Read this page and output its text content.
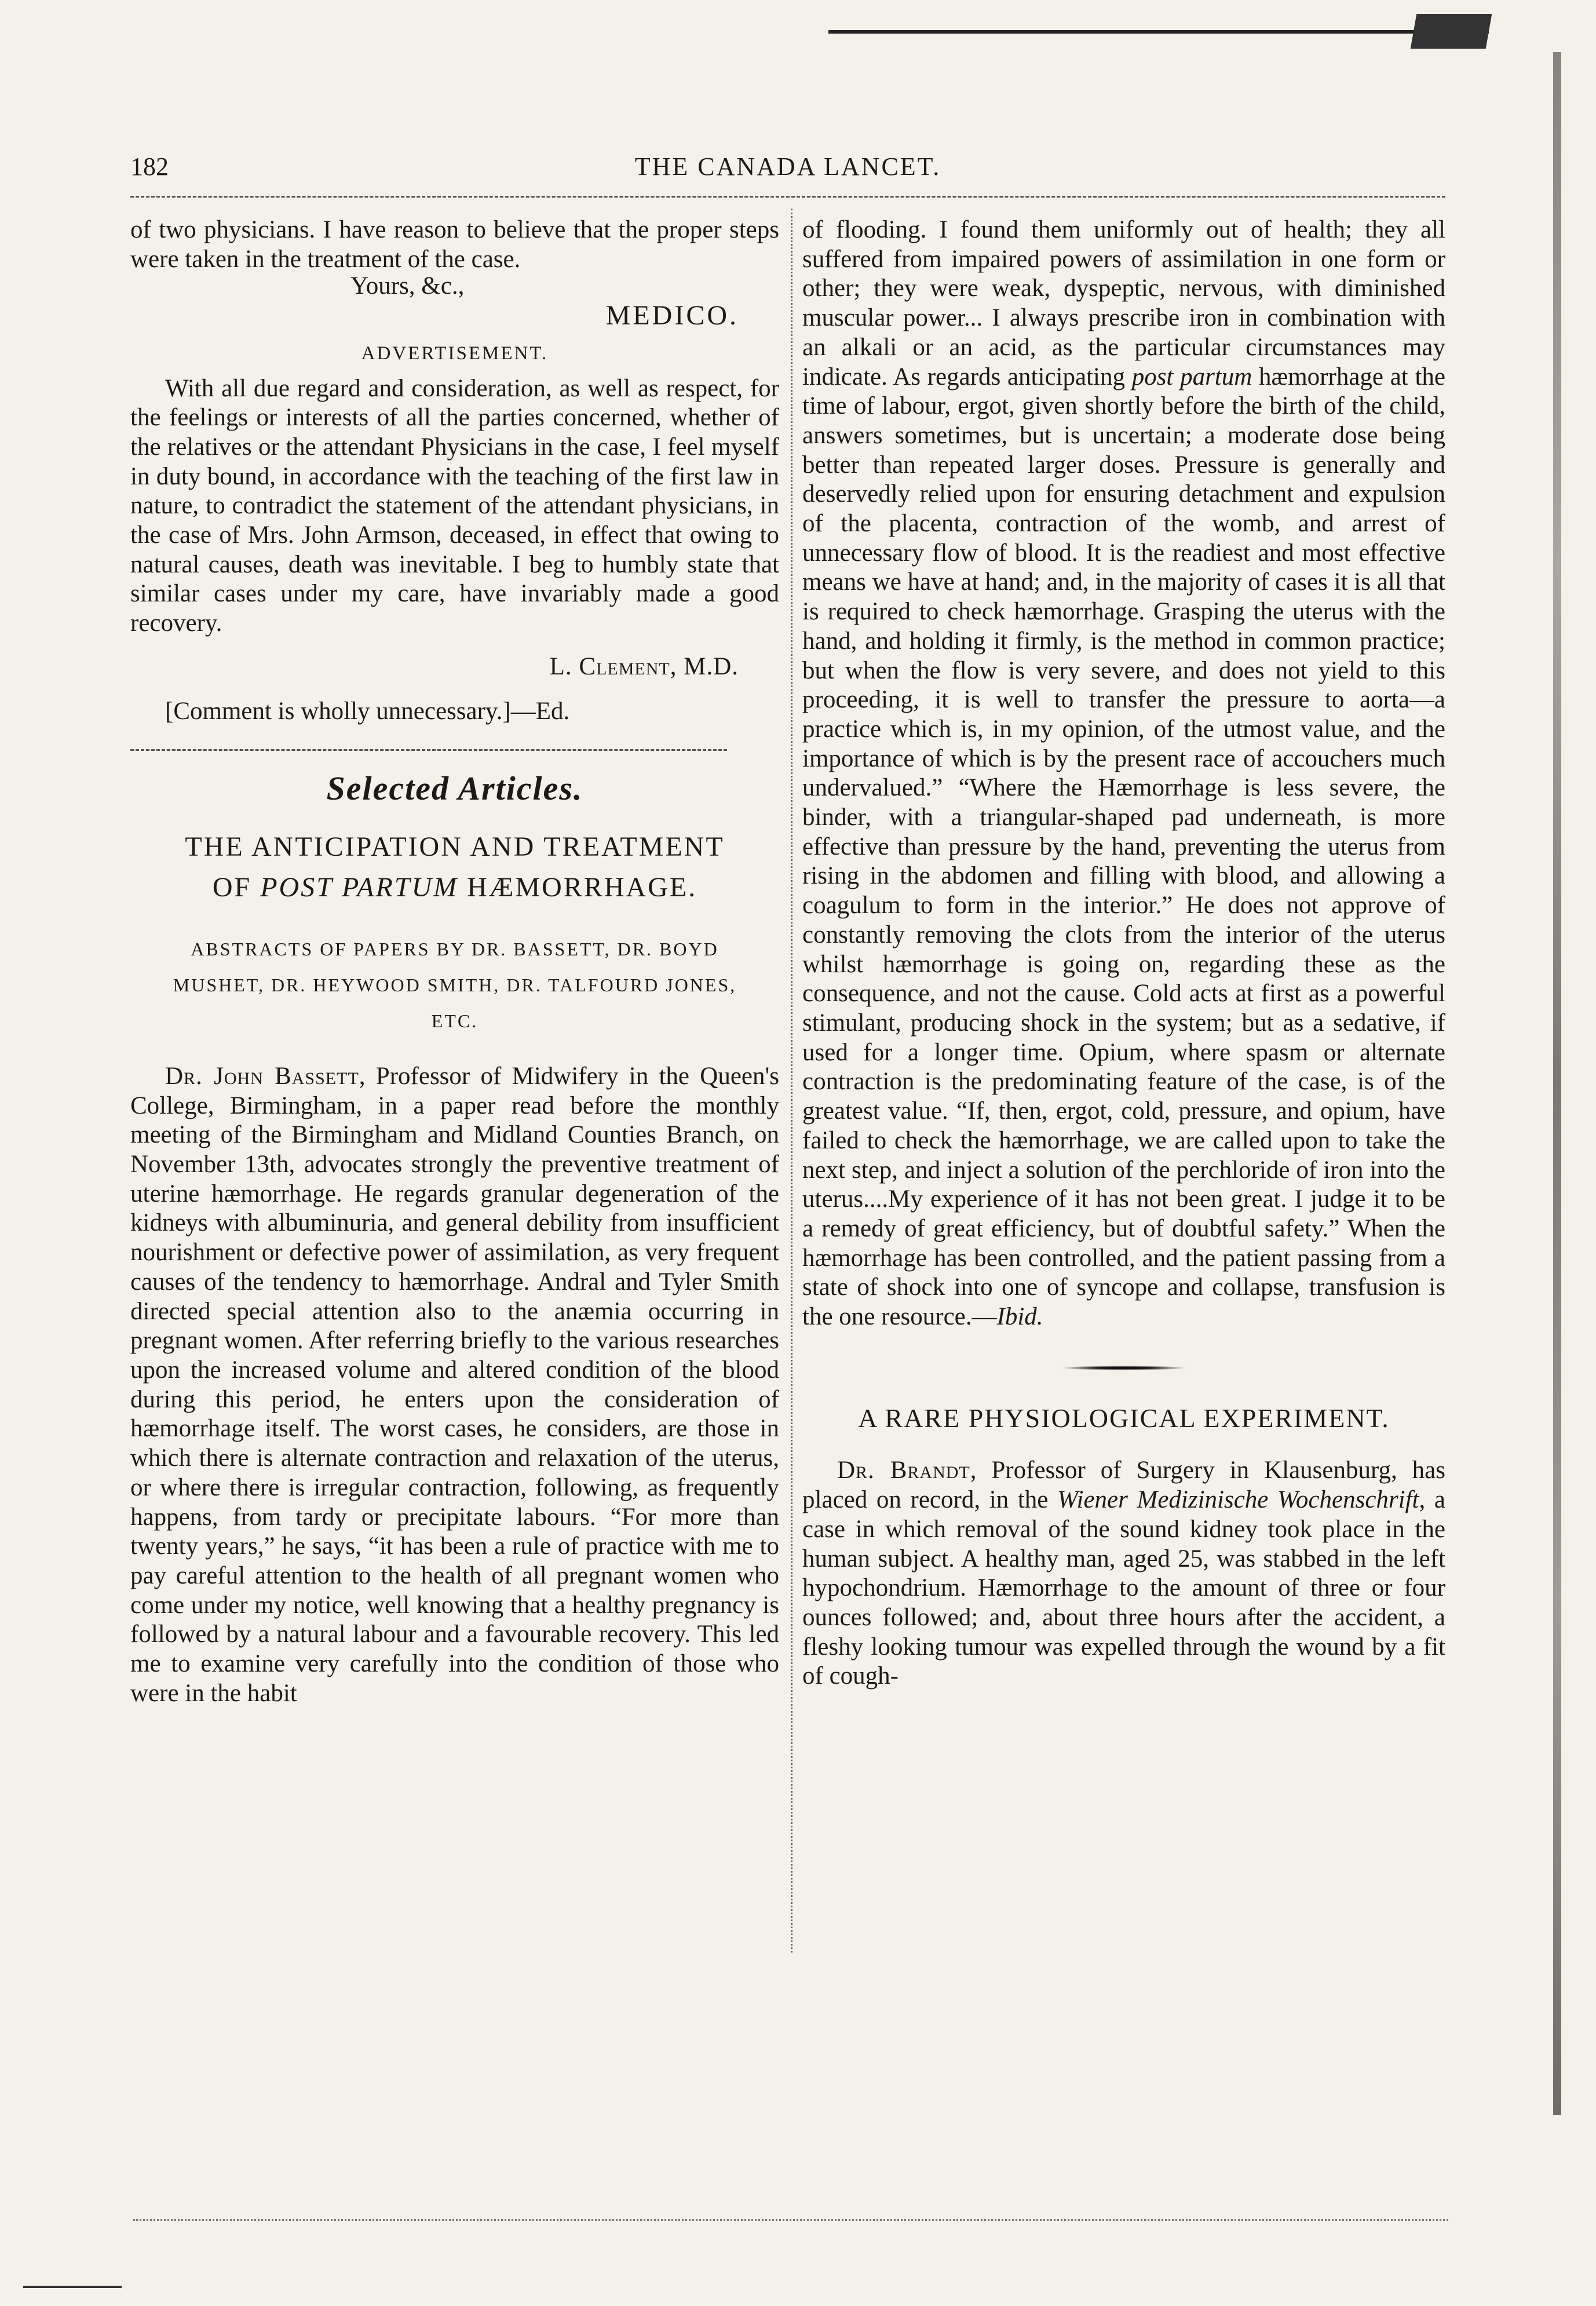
182	THE CANADA LANCET.

of two physicians. I have reason to believe that the proper steps were taken in the treatment of the case.

Yours, &c.,

MEDICO.

ADVERTISEMENT.

With all due regard and consideration, as well as respect, for the feelings or interests of all the parties concerned, whether of the relatives or the attendant Physicians in the case, I feel myself in duty bound, in accordance with the teaching of the first law in nature, to contradict the statement of the attendant physicians, in the case of Mrs. John Armson, deceased, in effect that owing to natural causes, death was inevitable. I beg to humbly state that similar cases under my care, have invariably made a good recovery.

L. Clement, M.D.

[Comment is wholly unnecessary.]—Ed.

Selected Articles.
THE ANTICIPATION AND TREATMENT
OF POST PARTUM HÆMORRHAGE.
ABSTRACTS OF PAPERS BY DR. BASSETT, DR. BOYD MUSHET, DR. HEYWOOD SMITH, DR. TALFOURD JONES, ETC.

Dr. John Bassett, Professor of Midwifery in the Queen's College, Birmingham, in a paper read before the monthly meeting of the Birmingham and Midland Counties Branch, on November 13th, advocates strongly the preventive treatment of uterine hæmorrhage. He regards granular degeneration of the kidneys with albuminuria, and general debility from insufficient nourishment or defective power of assimilation, as very frequent causes of the tendency to hæmorrhage. Andral and Tyler Smith directed special attention also to the anæmia occurring in pregnant women. After referring briefly to the various researches upon the increased volume and altered condition of the blood during this period, he enters upon the consideration of hæmorrhage itself. The worst cases, he considers, are those in which there is alternate contraction and relaxation of the uterus, or where there is irregular contraction, following, as frequently happens, from tardy or precipitate labours. “For more than twenty years,” he says, “it has been a rule of practice with me to pay careful attention to the health of all pregnant women who come under my notice, well knowing that a healthy pregnancy is followed by a natural labour and a favourable recovery. This led me to examine very carefully into the condition of those who were in the habit

of flooding. I found them uniformly out of health; they all suffered from impaired powers of assimilation in one form or other; they were weak, dyspeptic, nervous, with diminished muscular power... I always prescribe iron in combination with an alkali or an acid, as the particular circumstances may indicate. As regards anticipating post partum hæmorrhage at the time of labour, ergot, given shortly before the birth of the child, answers sometimes, but is uncertain; a moderate dose being better than repeated larger doses. Pressure is generally and deservedly relied upon for ensuring detachment and expulsion of the placenta, contraction of the womb, and arrest of unnecessary flow of blood. It is the readiest and most effective means we have at hand; and, in the majority of cases it is all that is required to check hæmorrhage. Grasping the uterus with the hand, and holding it firmly, is the method in common practice; but when the flow is very severe, and does not yield to this proceeding, it is well to transfer the pressure to aorta—a practice which is, in my opinion, of the utmost value, and the importance of which is by the present race of accouchers much undervalued.” “Where the Hæmorrhage is less severe, the binder, with a triangular-shaped pad underneath, is more effective than pressure by the hand, preventing the uterus from rising in the abdomen and filling with blood, and allowing a coagulum to form in the interior.” He does not approve of constantly removing the clots from the interior of the uterus whilst hæmorrhage is going on, regarding these as the consequence, and not the cause. Cold acts at first as a powerful stimulant, producing shock in the system; but as a sedative, if used for a longer time. Opium, where spasm or alternate contraction is the predominating feature of the case, is of the greatest value. “If, then, ergot, cold, pressure, and opium, have failed to check the hæmorrhage, we are called upon to take the next step, and inject a solution of the perchloride of iron into the uterus....My experience of it has not been great. I judge it to be a remedy of great efficiency, but of doubtful safety.” When the hæmorrhage has been controlled, and the patient passing from a state of shock into one of syncope and collapse, transfusion is the one resource.—Ibid.

A RARE PHYSIOLOGICAL EXPERIMENT.

Dr. Brandt, Professor of Surgery in Klausenburg, has placed on record, in the Wiener Medizinische Wochenschrift, a case in which removal of the sound kidney took place in the human subject. A healthy man, aged 25, was stabbed in the left hypochondrium. Hæmorrhage to the amount of three or four ounces followed; and, about three hours after the accident, a fleshy looking tumour was expelled through the wound by a fit of cough-
